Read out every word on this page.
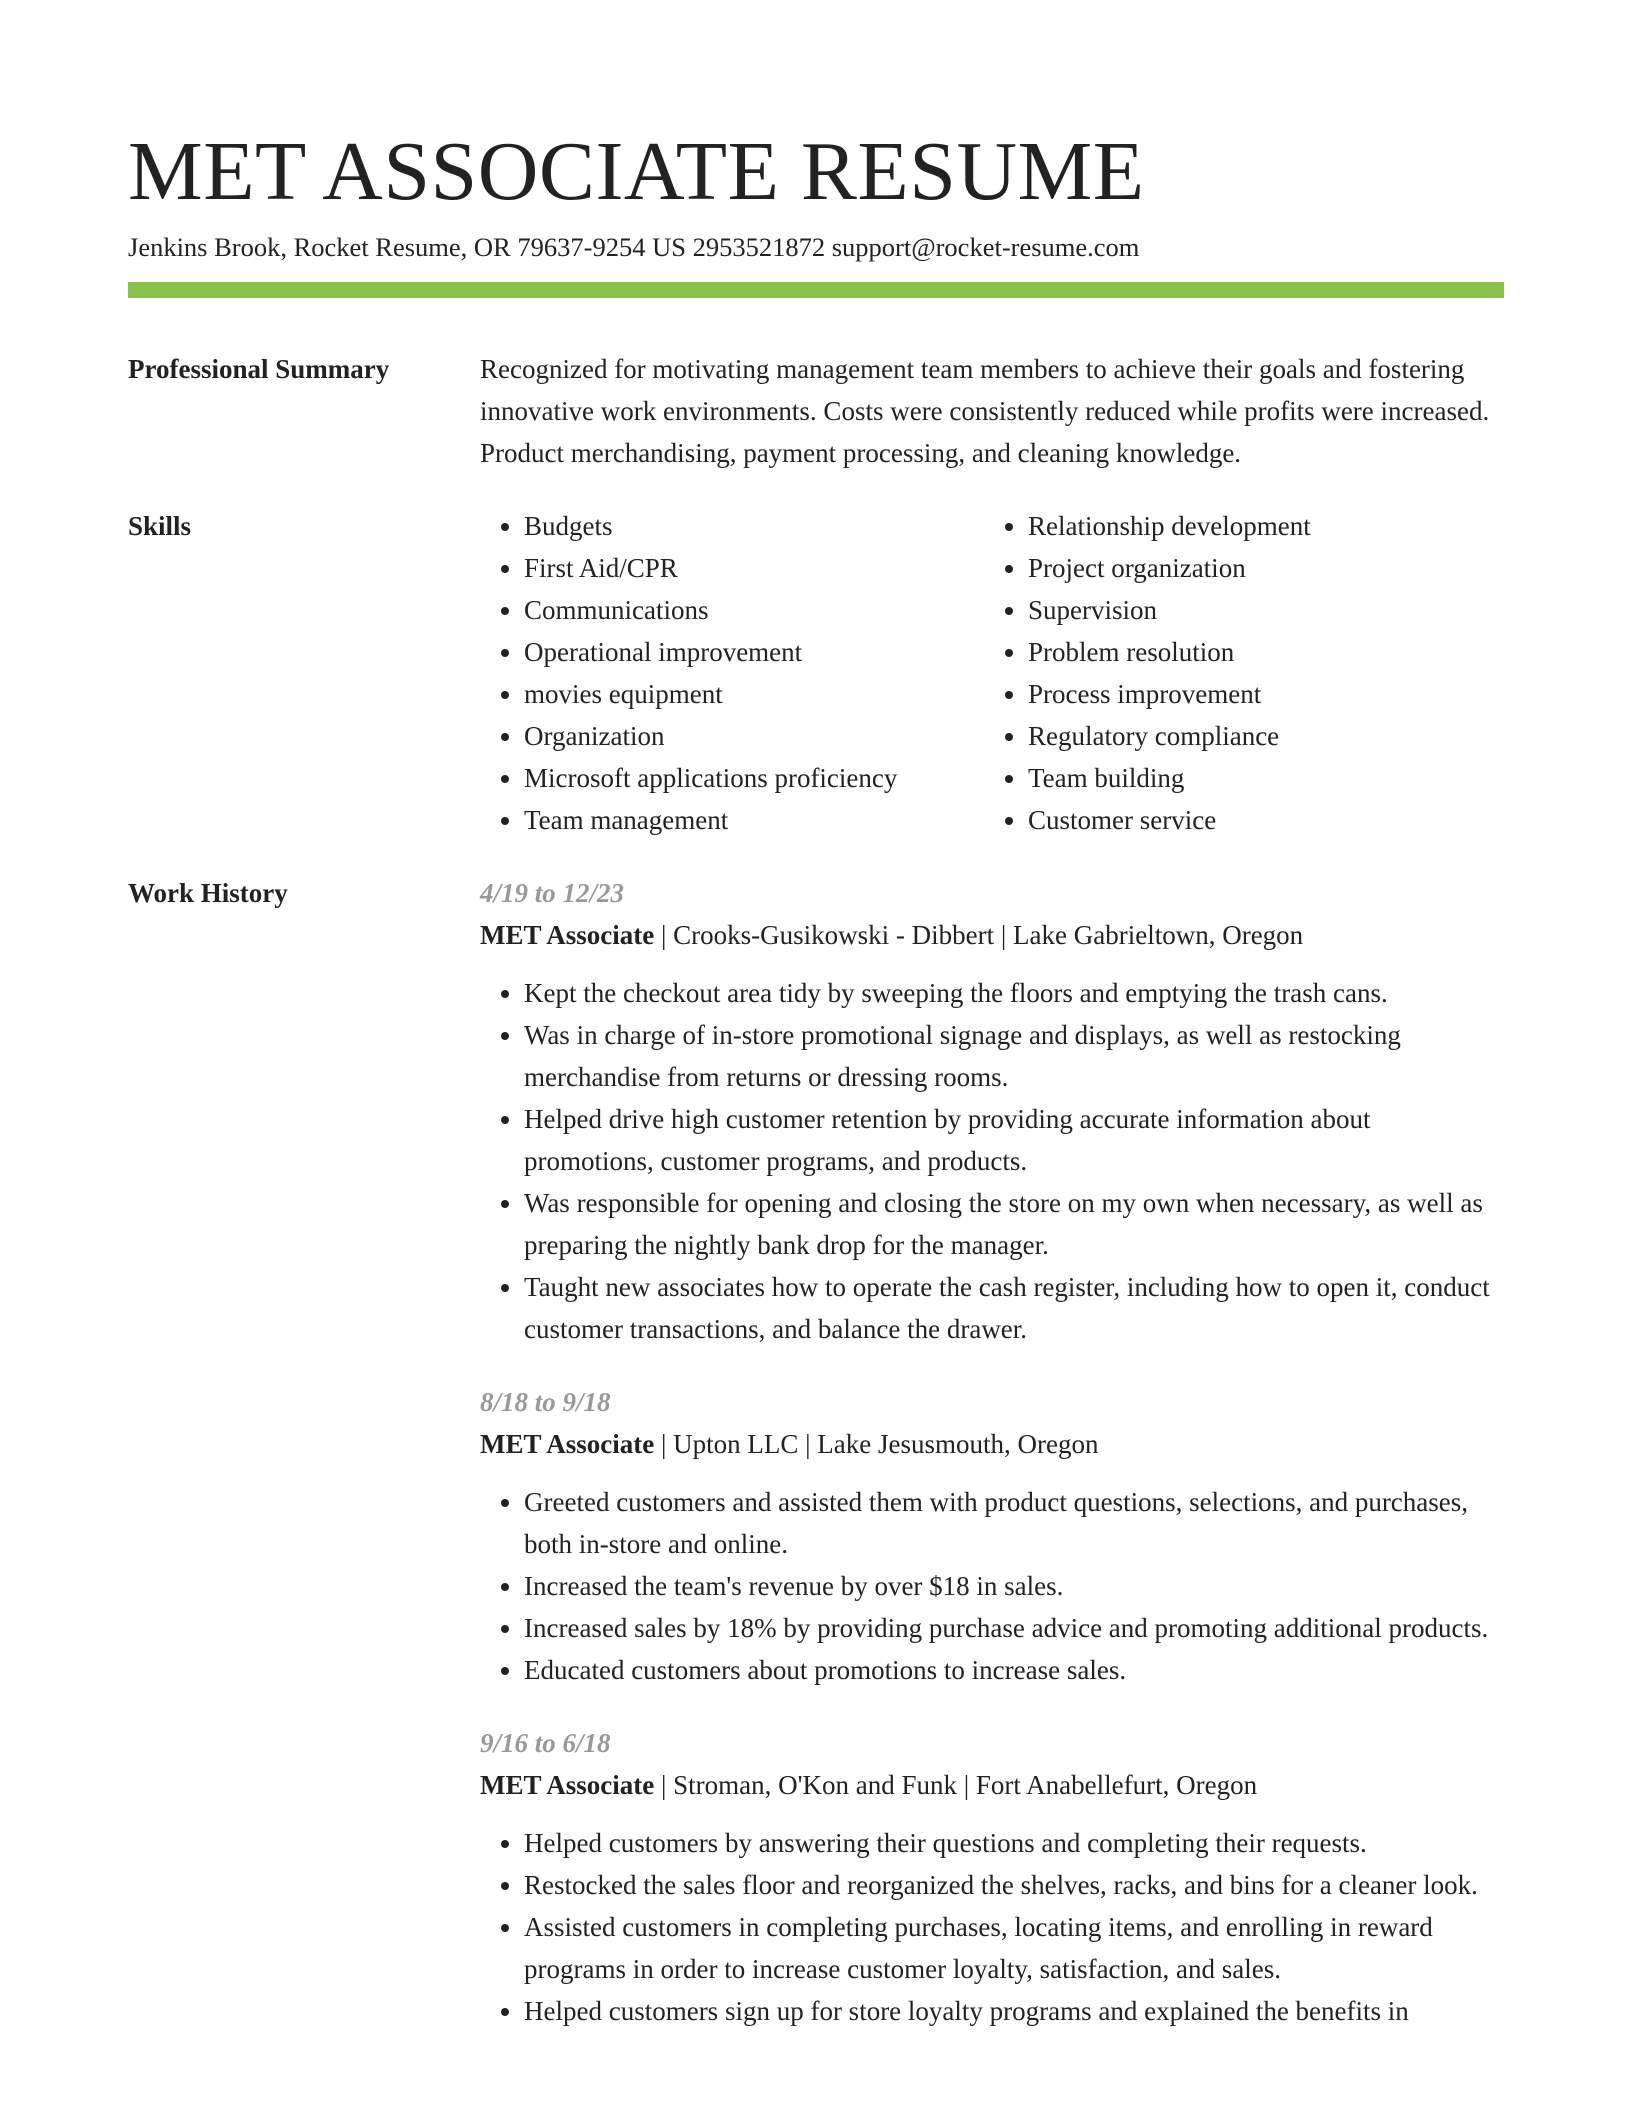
MET ASSOCIATE RESUME
Jenkins Brook, Rocket Resume, OR 79637-9254 US 2953521872 support@rocket-resume.com
Professional Summary	Recognized for motivating management team members to achieve their goals and fostering innovative work environments. Costs were consistently reduced while profits were increased. Product merchandising, payment processing, and cleaning knowledge.

Skills
•	Budgets
• First Aid/CPR
• Communications
• Operational improvement
• movies equipment
• Organization
• Microsoft applications proficiency
• Team management
• Relationship development
• Project organization
• Supervision
• Problem resolution
• Process improvement
• Regulatory compliance
• Team building
• Customer service
Work History	4/19 to 12/23

MET Associate | Crooks-Gusikowski - Dibbert | Lake Gabrieltown, Oregon

• Kept the checkout area tidy by sweeping the floors and emptying the trash cans.
• Was in charge of in-store promotional signage and displays, as well as restocking merchandise from returns or dressing rooms.
• Helped drive high customer retention by providing accurate information about promotions, customer programs, and products.
• Was responsible for opening and closing the store on my own when necessary, as well as preparing the nightly bank drop for the manager.
• Taught new associates how to operate the cash register, including how to open it, conduct customer transactions, and balance the drawer.

8/18 to 9/18

MET Associate | Upton LLC | Lake Jesusmouth, Oregon

• Greeted customers and assisted them with product questions, selections, and purchases, both in-store and online.
• Increased the team's revenue by over $18 in sales.
• Increased sales by 18% by providing purchase advice and promoting additional products.
• Educated customers about promotions to increase sales.

9/16 to 6/18

MET Associate | Stroman, O'Kon and Funk | Fort Anabellefurt, Oregon

• Helped customers by answering their questions and completing their requests.
• Restocked the sales floor and reorganized the shelves, racks, and bins for a cleaner look.
• Assisted customers in completing purchases, locating items, and enrolling in reward programs in order to increase customer loyalty, satisfaction, and sales.
• Helped customers sign up for store loyalty programs and explained the benefits in
